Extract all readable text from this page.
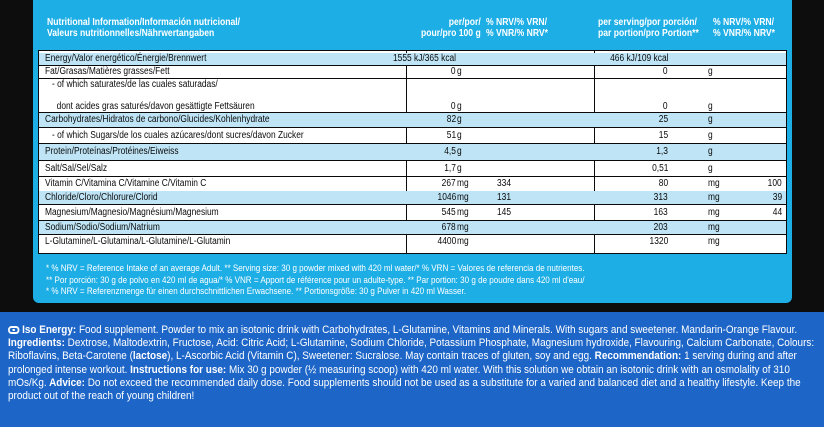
Nutritional Information/Información nutricional/
Valeurs nutritionnelles/Nährwertangaben
per/por/
pour/pro 100 g
% NRV/% VRN/
% VNR/% NRV*
per serving/por porción/
par portion/pro Portion**
% NRV/% VRN/
% VNR/% NRV*
Energy/Valor energético/Énergie/Brennwert	1555 kJ/365 kcal	466 kJ/109 kcal
Fat/Grasas/Matières grasses/Fett	0 g	0	g
- of which saturates/de las cuales saturadas/
dont acides gras saturés/davon gesättigte Fettsäuren	0 g	0	g
Carbohydrates/Hidratos de carbono/Glucides/Kohlenhydrate	82 g	25	g
- of which Sugars/de los cuales azúcares/dont sucres/davon Zucker	51 g	15	g
Protein/Proteínas/Protéines/Eiweiss	4,5 g	1,3	g
Salt/Sal/Sel/Salz	1,7 g	0,51	g
Vitamin C/Vitamina C/Vitamine C/Vitamin C	267 mg	334	80	mg	100
Chloride/Cloro/Chlorure/Clorid	1046 mg	131	313	mg	39
Magnesium/Magnesio/Magnésium/Magnesium	545 mg	145	163	mg	44
Sodium/Sodio/Sodium/Natrium	678 mg	203	mg
L-Glutamine/L-Glutamina/L-Glutamine/L-Glutamin	4400 mg	1320	mg
* % NRV = Reference Intake of an average Adult. ** Serving size: 30 g powder mixed with 420 ml water/* % VRN = Valores de referencia de nutrientes.
** Por porción: 30 g de polvo en 420 ml de agua/* % VNR = Apport de référence pour un adulte-type. ** Par portion: 30 g de poudre dans 420 ml d'eau/
* % NRV = Referenzmenge für einen durchschnittlichen Erwachsene. ** Portionsgröße: 30 g Pulver in 420 ml Wasser.
Iso Energy: Food supplement. Powder to mix an isotonic drink with Carbohydrates, L-Glutamine, Vitamins and Minerals. With sugars and sweetener. Mandarin-Orange Flavour. Ingredients: Dextrose, Maltodextrin, Fructose, Acid: Citric Acid; L-Glutamine, Sodium Chloride, Potassium Phosphate, Magnesium hydroxide, Flavouring, Calcium Carbonate, Colours: Riboflavins, Beta-Carotene (lactose), L-Ascorbic Acid (Vitamin C), Sweetener: Sucralose. May contain traces of gluten, soy and egg. Recommendation: 1 serving during and after prolonged intense workout. Instructions for use: Mix 30 g powder (½ measuring scoop) with 420 ml water. With this solution we obtain an isotonic drink with an osmolality of 310 mOs/Kg. Advice: Do not exceed the recommended daily dose. Food supplements should not be used as a substitute for a varied and balanced diet and a healthy lifestyle. Keep the product out of the reach of young children!
